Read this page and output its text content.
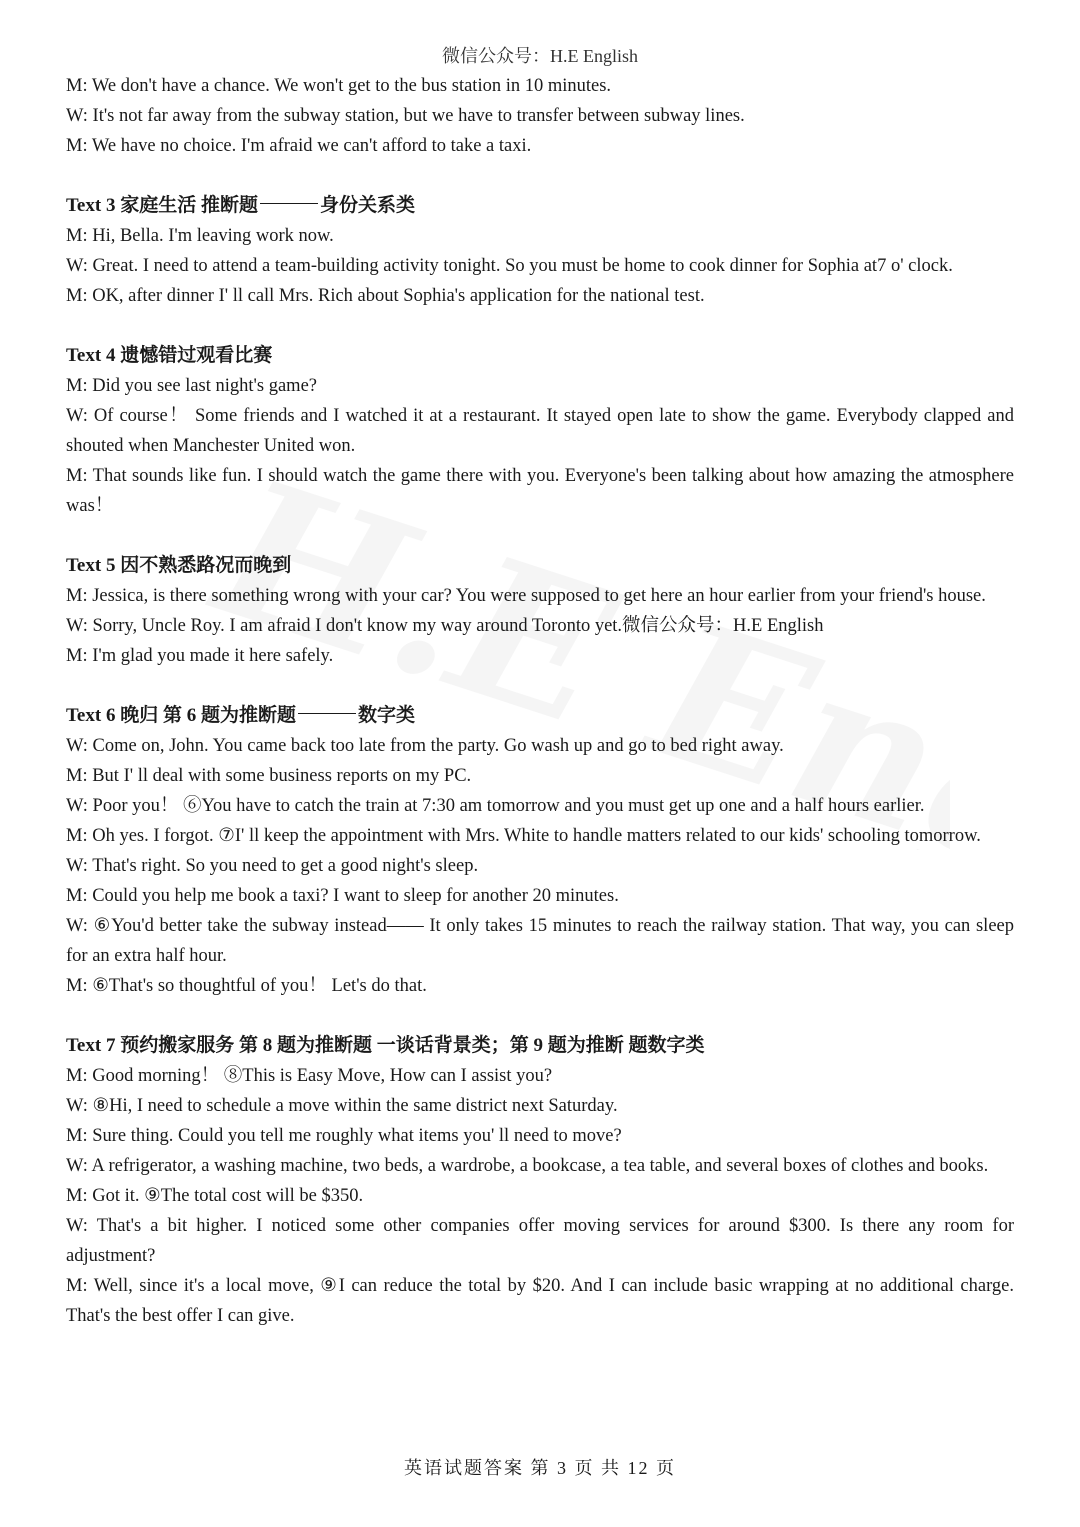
微信公众号：H.E English

M: We don't have a chance. We won't get to the bus station in 10 minutes.

W: It's not far away from the subway station, but we have to transfer between subway lines.

M: We have no choice. I'm afraid we can't afford to take a taxi.

Text 3 家庭生活 推断题	身份关系类

M: Hi, Bella. I'm leaving work now.

W: Great. I need to attend a team-building activity tonight. So you must be home to cook dinner for Sophia at7 o' clock.

M: OK, after dinner I' ll call Mrs. Rich about Sophia's application for the national test.

Text 4 遗憾错过观看比赛

M: Did you see last night's game?

W: Of course！ Some friends and I watched it at a restaurant. It stayed open late to show the game. Everybody clapped and shouted when Manchester United won.

M: That sounds like fun. I should watch the game there with you. Everyone's been talking about how amazing the atmosphere was！

Text 5 因不熟悉路况而晚到

M: Jessica, is there something wrong with your car? You were supposed to get here an hour earlier from your friend's house.

W: Sorry, Uncle Roy. I am afraid I don't know my way around Toronto yet.微信公众号：H.E English

M: I'm glad you made it here safely.

Text 6 晚归 第 6 题为推断题	数字类

W: Come on, John. You came back too late from the party. Go wash up and go to bed right away.

M: But I' ll deal with some business reports on my PC.

W: Poor you！ ⑥You have to catch the train at 7:30 am tomorrow and you must get up one and a half hours earlier.

M: Oh yes. I forgot. ⑦I' ll keep the appointment with Mrs. White to handle matters related to our kids' schooling tomorrow.

W: That's right. So you need to get a good night's sleep.

M: Could you help me book a taxi? I want to sleep for another 20 minutes.

W: ⑥You'd better take the subway instead—— It only takes 15 minutes to reach the railway station. That way, you can sleep for an extra half hour.

M: ⑥That's so thoughtful of you！ Let's do that.

Text 7 预约搬家服务 第 8 题为推断题 一谈话背景类；第 9 题为推断 题数字类

M: Good morning！ ⑧This is Easy Move, How can I assist you?

W: ⑧Hi, I need to schedule a move within the same district next Saturday.

M: Sure thing. Could you tell me roughly what items you' ll need to move?

W: A refrigerator, a washing machine, two beds, a wardrobe, a bookcase, a tea table, and several boxes of clothes and books.

M: Got it. ⑨The total cost will be $350.

W: That's a bit higher. I noticed some other companies offer moving services for around $300. Is there any room for adjustment?

M: Well, since it's a local move, ⑨I can reduce the total by $20. And I can include basic wrapping at no additional charge. That's the best offer I can give.

英语试题答案 第 3 页 共 12 页
